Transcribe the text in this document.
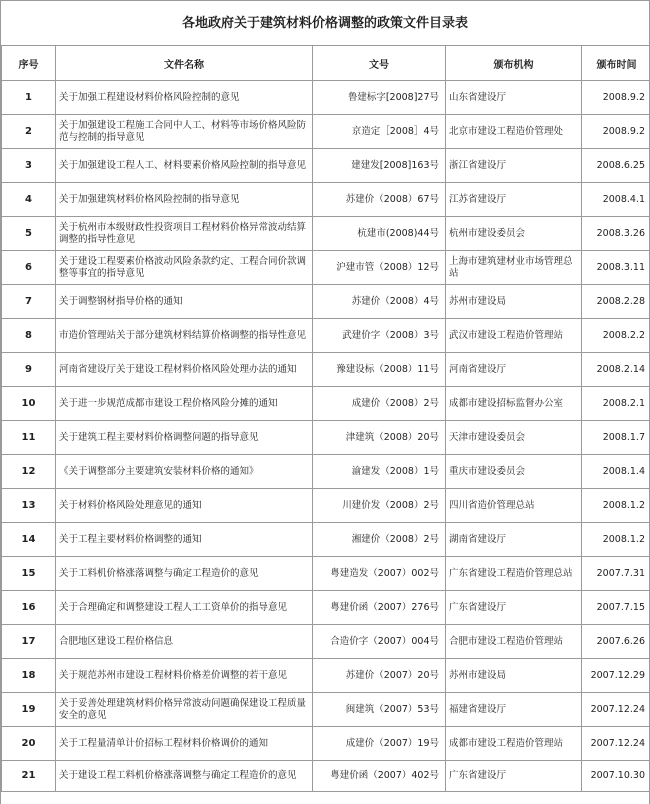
各地政府关于建筑材料价格调整的政策文件目录表
序号	文件名称	文号	颁布机构	颁布时间
1	关于加强工程建设材料价格风险控制的意见	鲁建标字[2008]27号	山东省建设厅	2008.9.2
2	关于加强建设工程施工合同中人工、材料等市场价格风险防范与控制的指导意见	京造定［2008］4号	北京市建设工程造价管理处	2008.9.2
3	关于加强建设工程人工、材料要素价格风险控制的指导意见	建建发[2008]163号	浙江省建设厅	2008.6.25
4	关于加强建筑材料价格风险控制的指导意见	苏建价（2008）67号	江苏省建设厅	2008.4.1
5	关于杭州市本级财政性投资项目工程材料价格异常波动结算调整的指导性意见	杭建市(2008)44号	杭州市建设委员会	2008.3.26
6	关于建设工程要素价格波动风险条款约定、工程合同价款调整等事宜的指导意见	沪建市管（2008）12号	上海市建筑建材业市场管理总站	2008.3.11
7	关于调整钢材指导价格的通知	苏建价（2008）4号	苏州市建设局	2008.2.28
8	市造价管理站关于部分建筑材料结算价格调整的指导性意见	武建价字（2008）3号	武汉市建设工程造价管理站	2008.2.2
9	河南省建设厅关于建设工程材料价格风险处理办法的通知	豫建设标（2008）11号	河南省建设厅	2008.2.14
10	关于进一步规范成都市建设工程价格风险分摊的通知	成建价（2008）2号	成都市建设招标监督办公室	2008.2.1
11	关于建筑工程主要材料价格调整问题的指导意见	津建筑（2008）20号	天津市建设委员会	2008.1.7
12	《关于调整部分主要建筑安装材料价格的通知》	渝建发（2008）1号	重庆市建设委员会	2008.1.4
13	关于材料价格风险处理意见的通知	川建价发（2008）2号	四川省造价管理总站	2008.1.2
14	关于工程主要材料价格调整的通知	湘建价（2008）2号	湖南省建设厅	2008.1.2
15	关于工料机价格涨落调整与确定工程造价的意见	粤建造发（2007）002号	广东省建设工程造价管理总站	2007.7.31
16	关于合理确定和调整建设工程人工工资单价的指导意见	粤建价函（2007）276号	广东省建设厅	2007.7.15
17	合肥地区建设工程价格信息	合造价字（2007）004号	合肥市建设工程造价管理站	2007.6.26
18	关于规范苏州市建设工程材料价格差价调整的若干意见	苏建价（2007）20号	苏州市建设局	2007.12.29
19	关于妥善处理建筑材料价格异常波动问题确保建设工程质量安全的意见	闽建筑（2007）53号	福建省建设厅	2007.12.24
20	关于工程量清单计价招标工程材料价格调价的通知	成建价（2007）19号	成都市建设工程造价管理站	2007.12.24
21	关于建设工程工料机价格涨落调整与确定工程造价的意见	粤建价函（2007）402号	广东省建设厅	2007.10.30
